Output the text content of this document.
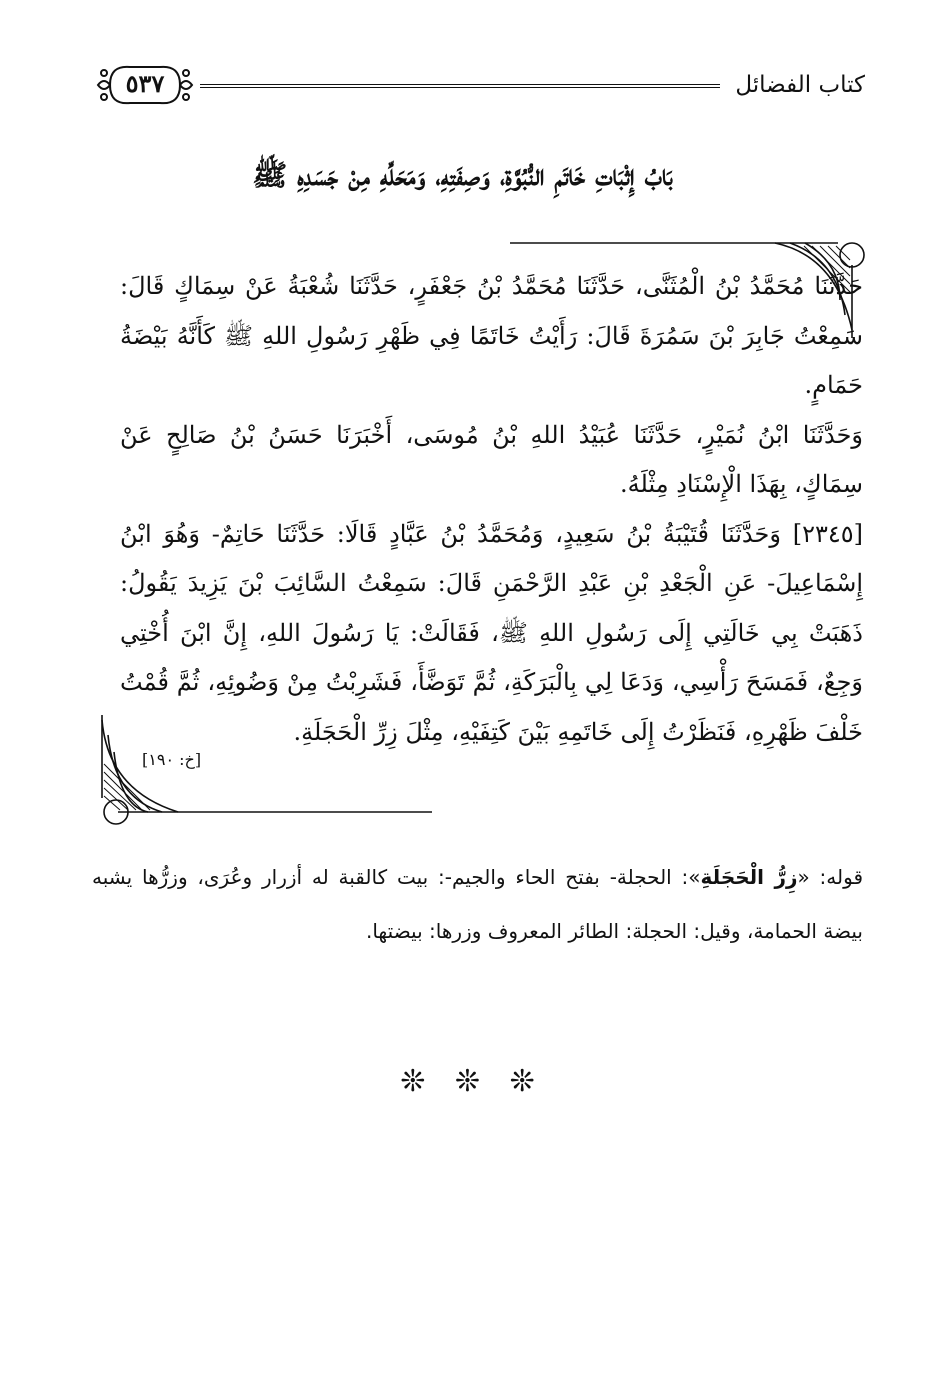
كتاب الفضائل
٥٣٧
بَابُ إِثْبَاتِ خَاتَمِ النُّبُوَّةِ، وَصِفَتِهِ، وَمَحَلِّهِ مِنْ جَسَدِهِ ﷺ

حَدَّثَنَا مُحَمَّدُ بْنُ الْمُثَنَّى، حَدَّثَنَا مُحَمَّدُ بْنُ جَعْفَرٍ، حَدَّثَنَا شُعْبَةُ عَنْ سِمَاكٍ قَالَ: سَمِعْتُ جَابِرَ بْنَ سَمُرَةَ قَالَ: رَأَيْتُ خَاتَمًا فِي ظَهْرِ رَسُولِ اللهِ ﷺ كَأَنَّهُ بَيْضَةُ حَمَامٍ.

وَحَدَّثَنَا ابْنُ نُمَيْرٍ، حَدَّثَنَا عُبَيْدُ اللهِ بْنُ مُوسَى، أَخْبَرَنَا حَسَنُ بْنُ صَالِحٍ عَنْ سِمَاكٍ، بِهَذَا الْإِسْنَادِ مِثْلَهُ.

[٢٣٤٥] وَحَدَّثَنَا قُتَيْبَةُ بْنُ سَعِيدٍ، وَمُحَمَّدُ بْنُ عَبَّادٍ قَالَا: حَدَّثَنَا حَاتِمٌ- وَهُوَ ابْنُ إِسْمَاعِيلَ- عَنِ الْجَعْدِ بْنِ عَبْدِ الرَّحْمَنِ قَالَ: سَمِعْتُ السَّائِبَ بْنَ يَزِيدَ يَقُولُ: ذَهَبَتْ بِي خَالَتِي إِلَى رَسُولِ اللهِ ﷺ، فَقَالَتْ: يَا رَسُولَ اللهِ، إِنَّ ابْنَ أُخْتِي وَجِعٌ، فَمَسَحَ رَأْسِي، وَدَعَا لِي بِالْبَرَكَةِ، ثُمَّ تَوَضَّأَ، فَشَرِبْتُ مِنْ وَضُوئِهِ، ثُمَّ قُمْتُ خَلْفَ ظَهْرِهِ، فَنَظَرْتُ إِلَى خَاتَمِهِ بَيْنَ كَتِفَيْهِ، مِثْلَ زِرِّ الْحَجَلَةِ.

[خ: ١٩٠]

قوله: «زِرُّ الْحَجَلَةِ»: الحجلة- بفتح الحاء والجيم-: بيت كالقبة له أزرار وعُرَى، وزرُّها يشبه بيضة الحمامة، وقيل: الحجلة: الطائر المعروف وزرها: بيضتها.

❊ ❊ ❊
